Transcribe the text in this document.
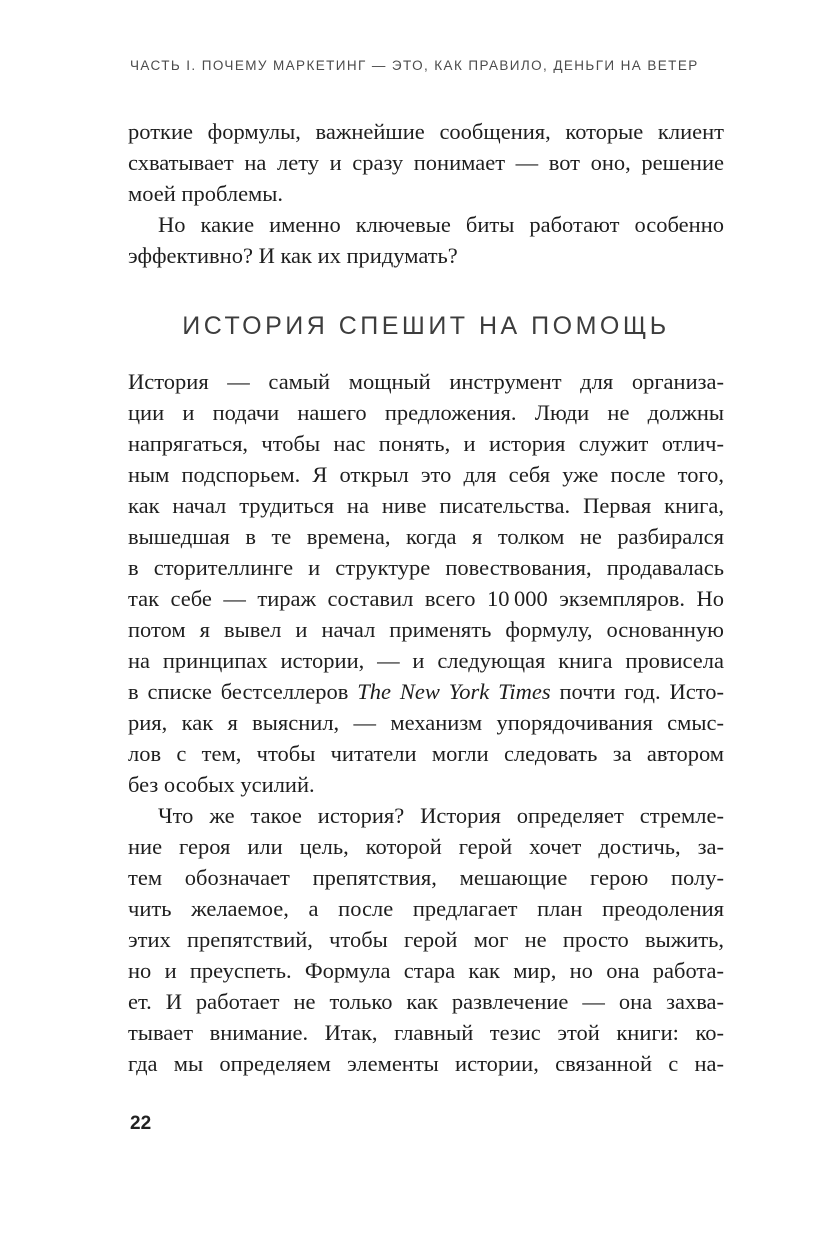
ЧАСТЬ I. ПОЧЕМУ МАРКЕТИНГ — ЭТО, КАК ПРАВИЛО, ДЕНЬГИ НА ВЕТЕР
роткие формулы, важнейшие сообщения, которые клиент
схватывает на лету и сразу понимает — вот оно, решение
моей проблемы.
Но какие именно ключевые биты работают особенно
эффективно? И как их придумать?
ИСТОРИЯ СПЕШИТ НА ПОМОЩЬ
История — самый мощный инструмент для организа-
ции и подачи нашего предложения. Люди не должны
напрягаться, чтобы нас понять, и история служит отлич-
ным подспорьем. Я открыл это для себя уже после того,
как начал трудиться на ниве писательства. Первая книга,
вышедшая в те времена, когда я толком не разбирался
в сторителлинге и структуре повествования, продавалась
так себе — тираж составил всего 10 000 экземпляров. Но
потом я вывел и начал применять формулу, основанную
на принципах истории, — и следующая книга провисела
в списке бестселлеров The New York Times почти год. Исто-
рия, как я выяснил, — механизм упорядочивания смыс-
лов с тем, чтобы читатели могли следовать за автором
без особых усилий.
Что же такое история? История определяет стремле-
ние героя или цель, которой герой хочет достичь, за-
тем обозначает препятствия, мешающие герою полу-
чить желаемое, а после предлагает план преодоления
этих препятствий, чтобы герой мог не просто выжить,
но и преуспеть. Формула стара как мир, но она работа-
ет. И работает не только как развлечение — она захва-
тывает внимание. Итак, главный тезис этой книги: ко-
гда мы определяем элементы истории, связанной с на-
22
